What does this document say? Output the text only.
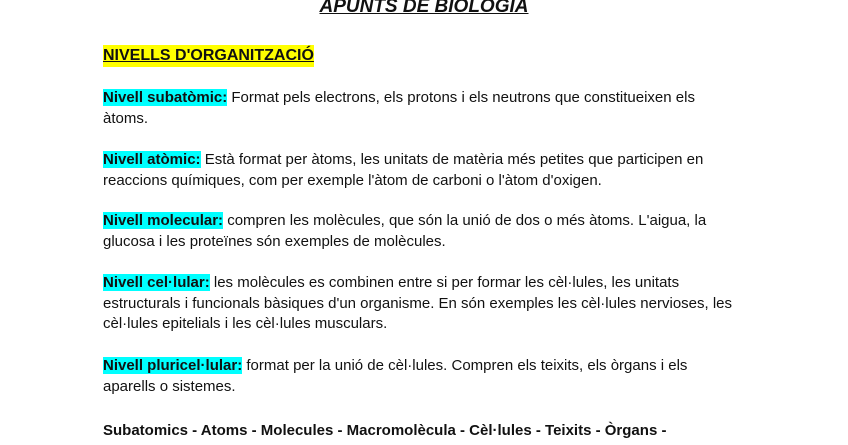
APUNTS DE BIOLOGIA
NIVELLS D'ORGANITZACIÓ

Nivell subatòmic: Format pels electrons, els protons i els neutrons que constitueixen els àtoms.

Nivell atòmic: Està format per àtoms, les unitats de matèria més petites que participen en reaccions químiques, com per exemple l'àtom de carboni o l'àtom d'oxigen.

Nivell molecular: compren les molècules, que són la unió de dos o més àtoms. L'aigua, la glucosa i les proteïnes són exemples de molècules.

Nivell cel·lular: les molècules es combinen entre si per formar les cèl·lules, les unitats estructurals i funcionals bàsiques d'un organisme. En són exemples les cèl·lules nervioses, les cèl·lules epitelials i les cèl·lules musculars.

Nivell pluricel·lular: format per la unió de cèl·lules. Compren els teixits, els òrgans i els aparells o sistemes.

Subatomics - Atoms - Molecules - Macromolècula - Cèl·lules - Teixits - Òrgans -
